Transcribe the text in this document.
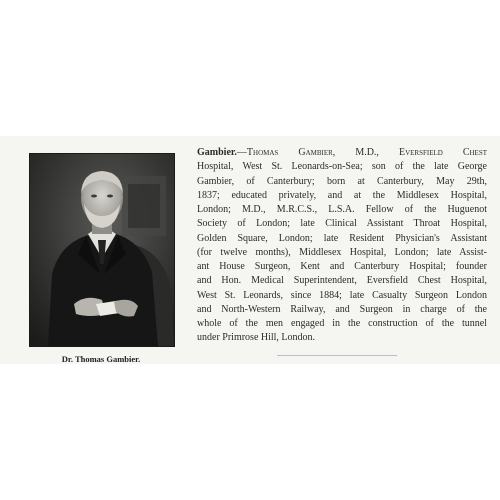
Dr. Thomas Gambier.
Gambier.—Thomas Gambier, M.D., Eversfield Chest
Hospital, West St. Leonards-on-Sea; son of the late George
Gambier, of Canterbury; born at Canterbury, May 29th,
1837; educated privately, and at the Middlesex Hospital,
London; M.D., M.R.C.S., L.S.A. Fellow of the Huguenot
Society of London; late Clinical Assistant Throat Hospital,
Golden Square, London; late Resident Physician's Assistant
(for twelve months), Middlesex Hospital, London; late Assist-
ant House Surgeon, Kent and Canterbury Hospital; founder
and Hon. Medical Superintendent, Eversfield Chest Hospital,
West St. Leonards, since 1884; late Casualty Surgeon London
and North-Western Railway, and Surgeon in charge of the
whole of the men engaged in the construction of the tunnel
under Primrose Hill, London.
